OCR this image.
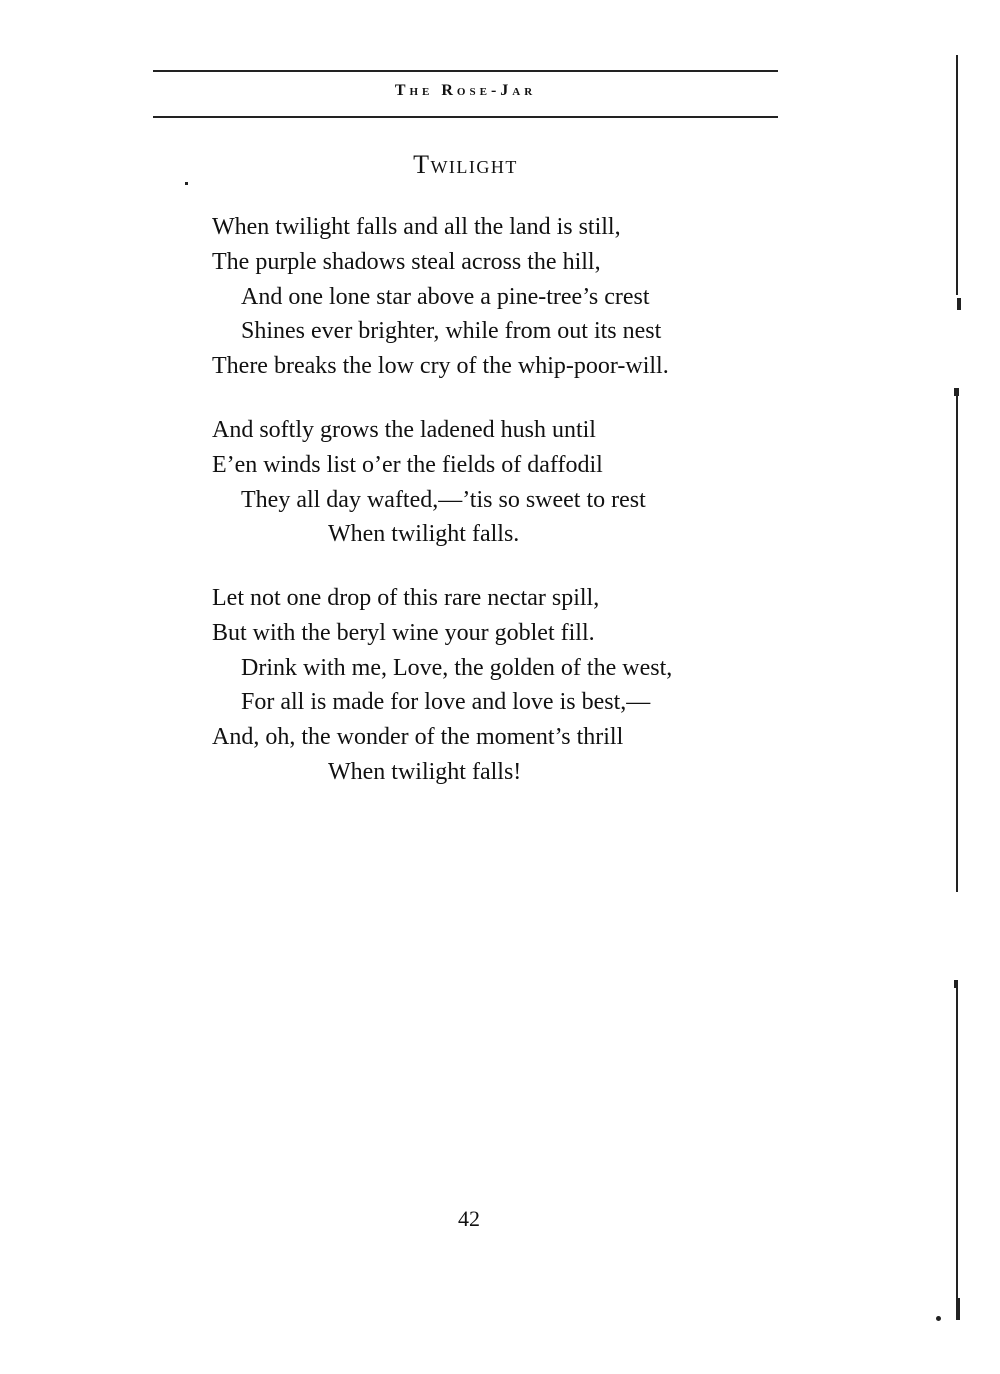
The Rose-Jar
Twilight
When twilight falls and all the land is still,
The purple shadows steal across the hill,
And one lone star above a pine-tree’s crest
Shines ever brighter, while from out its nest
There breaks the low cry of the whip-poor-will.
And softly grows the ladened hush until
E’en winds list o’er the fields of daffodil
They all day wafted,—’tis so sweet to rest
When twilight falls.
Let not one drop of this rare nectar spill,
But with the beryl wine your goblet fill.
Drink with me, Love, the golden of the west,
For all is made for love and love is best,—
And, oh, the wonder of the moment’s thrill
When twilight falls!
42
